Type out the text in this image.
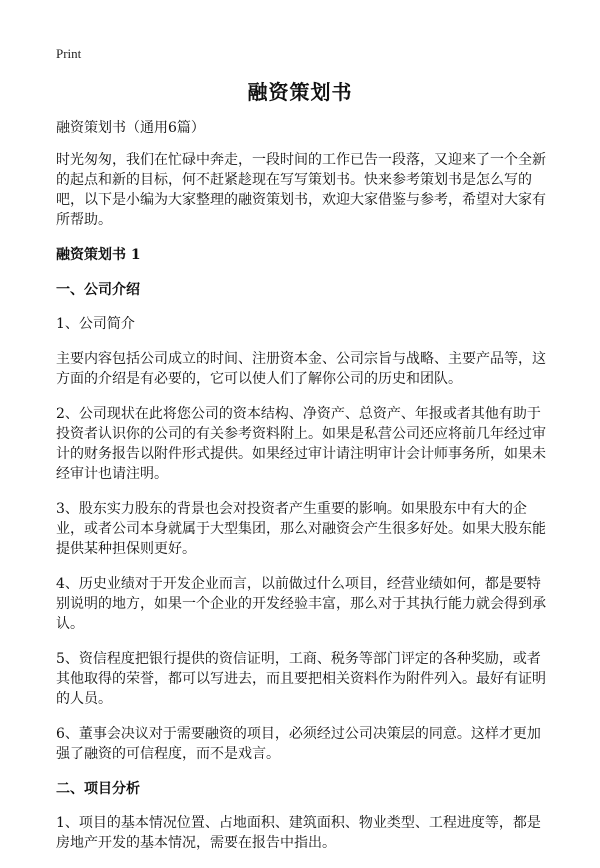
Print
融资策划书

融资策划书（通用6篇）

时光匆匆，我们在忙碌中奔走，一段时间的工作已告一段落，又迎来了一个全新的起点和新的目标，何不赶紧趁现在写写策划书。快来参考策划书是怎么写的吧，以下是小编为大家整理的融资策划书，欢迎大家借鉴与参考，希望对大家有所帮助。

融资策划书 1

一、公司介绍

1、公司简介

主要内容包括公司成立的时间、注册资本金、公司宗旨与战略、主要产品等，这方面的介绍是有必要的，它可以使人们了解你公司的历史和团队。

2、公司现状在此将您公司的资本结构、净资产、总资产、年报或者其他有助于投资者认识你的公司的有关参考资料附上。如果是私营公司还应将前几年经过审计的财务报告以附件形式提供。如果经过审计请注明审计会计师事务所，如果未经审计也请注明。

3、股东实力股东的背景也会对投资者产生重要的影响。如果股东中有大的企业，或者公司本身就属于大型集团，那么对融资会产生很多好处。如果大股东能提供某种担保则更好。

4、历史业绩对于开发企业而言，以前做过什么项目，经营业绩如何，都是要特别说明的地方，如果一个企业的开发经验丰富，那么对于其执行能力就会得到承认。

5、资信程度把银行提供的资信证明，工商、税务等部门评定的各种奖励，或者其他取得的荣誉，都可以写进去，而且要把相关资料作为附件列入。最好有证明的人员。

6、董事会决议对于需要融资的项目，必须经过公司决策层的同意。这样才更加强了融资的可信程度，而不是戏言。

二、项目分析

1、项目的基本情况位置、占地面积、建筑面积、物业类型、工程进度等，都是房地产开发的基本情况，需要在报告中指出。
